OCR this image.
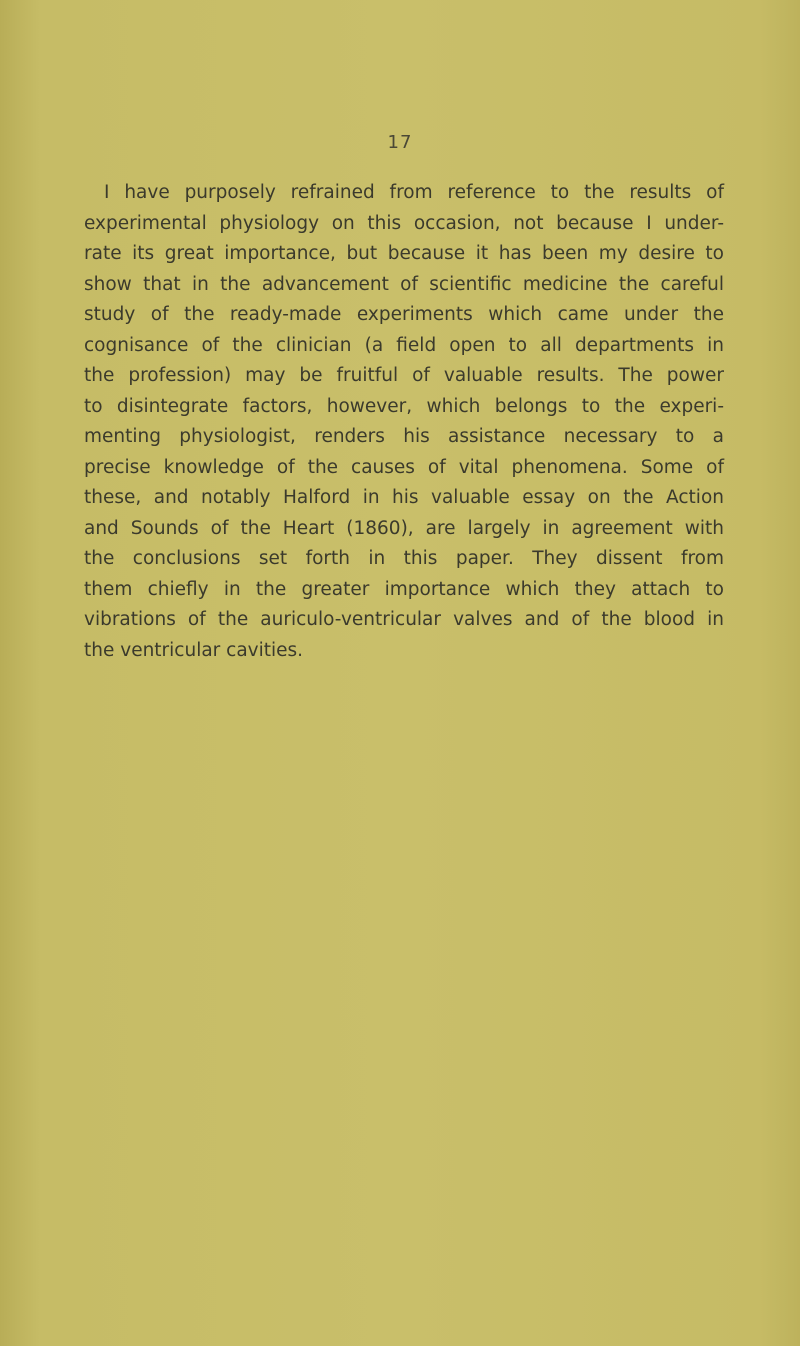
17
I have purposely refrained from reference to the results of
experimental physiology on this occasion, not because I under-
rate its great importance, but because it has been my desire to
show that in the advancement of scientific medicine the careful
study of the ready-made experiments which came under the
cognisance of the clinician (a field open to all departments in
the profession) may be fruitful of valuable results. The power
to disintegrate factors, however, which belongs to the experi-
menting physiologist, renders his assistance necessary to a
precise knowledge of the causes of vital phenomena. Some of
these, and notably Halford in his valuable essay on the Action
and Sounds of the Heart (1860), are largely in agreement with
the conclusions set forth in this paper. They dissent from
them chiefly in the greater importance which they attach to
vibrations of the auriculo-ventricular valves and of the blood in
the ventricular cavities.
